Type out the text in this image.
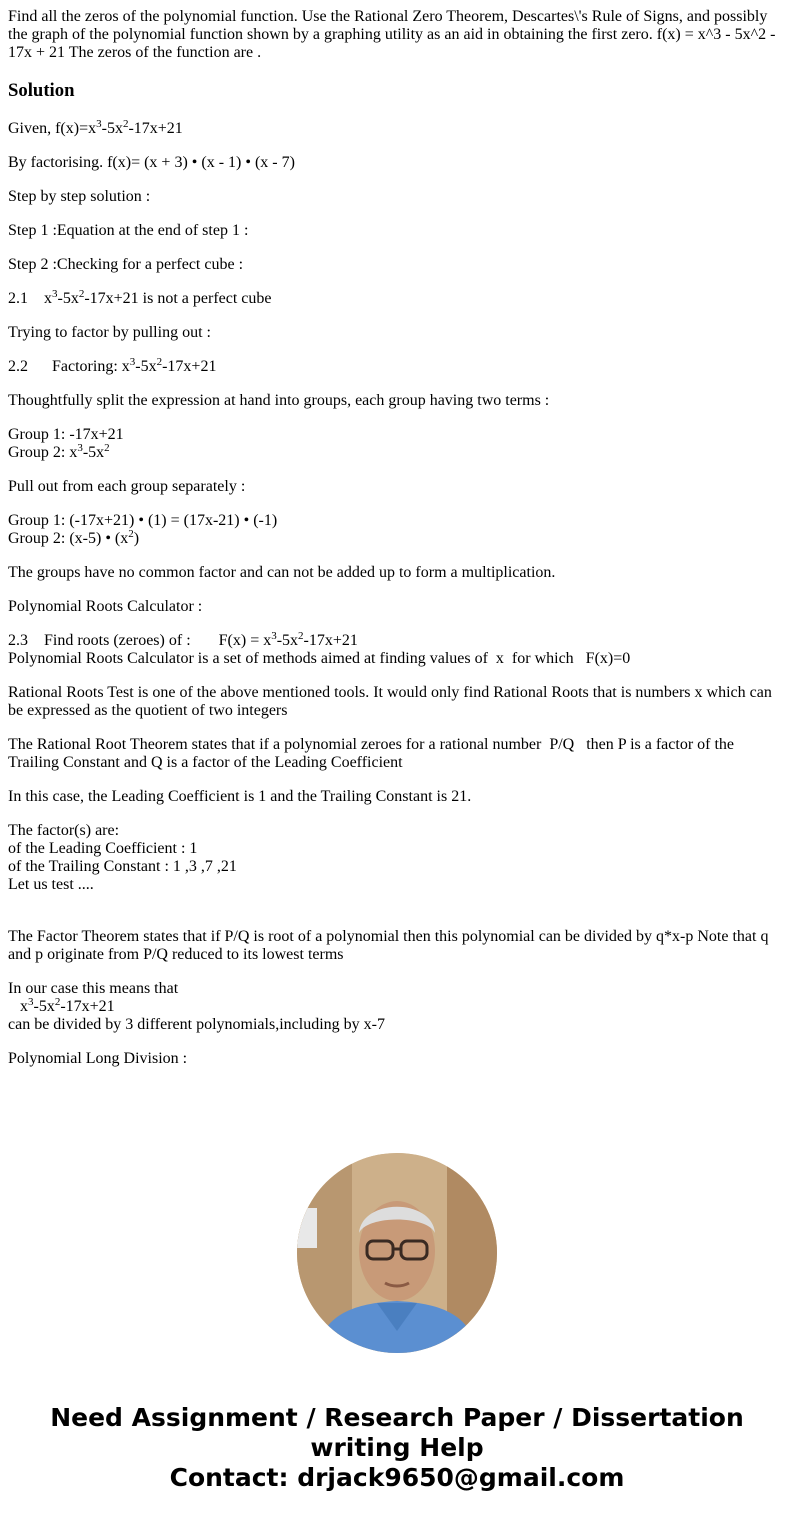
Find all the zeros of the polynomial function. Use the Rational Zero Theorem, Descartes\'s Rule of Signs, and possibly the graph of the polynomial function shown by a graphing utility as an aid in obtaining the first zero. f(x) = x^3 - 5x^2 - 17x + 21 The zeros of the function are .

Solution

Given, $f(x)=x^3-5x^2-17x+21$

By factorising. f(x)= (x + 3) • (x - 1) • (x - 7)

Step by step solution :

Step 1 :Equation at the end of step 1 :

Step 2 :Checking for a perfect cube :

2.1    $x^3-5x^2-17x+21$ is not a perfect cube

Trying to factor by pulling out :

2.2      Factoring: $x^3-5x^2-17x+21$

Thoughtfully split the expression at hand into groups, each group having two terms :

Group 1: -17x+21
Group 2: $x^3-5x^2$

Pull out from each group separately :

Group 1: (-17x+21) • (1) = (17x-21) • (-1)
Group 2: (x-5) • $(x^2)$

The groups have no common factor and can not be added up to form a multiplication.

Polynomial Roots Calculator :

2.3    Find roots (zeroes) of :       $F(x) = x^3-5x^2-17x+21$
Polynomial Roots Calculator is a set of methods aimed at finding values of  x  for which   F(x)=0

Rational Roots Test is one of the above mentioned tools. It would only find Rational Roots that is numbers x which can be expressed as the quotient of two integers

The Rational Root Theorem states that if a polynomial zeroes for a rational number  P/Q   then P is a factor of the Trailing Constant and Q is a factor of the Leading Coefficient

In this case, the Leading Coefficient is 1 and the Trailing Constant is 21.

The factor(s) are:
of the Leading Coefficient : 1
of the Trailing Constant : 1 ,3 ,7 ,21
Let us test ....

The Factor Theorem states that if P/Q is root of a polynomial then this polynomial can be divided by q*x-p Note that q and p originate from P/Q reduced to its lowest terms

In our case this means that
$x^3-5x^2-17x+21$
can be divided by 3 different polynomials,including by x-7

Polynomial Long Division :

Need Assignment / Research Paper / Dissertation
writing Help
Contact: drjack9650@gmail.com
